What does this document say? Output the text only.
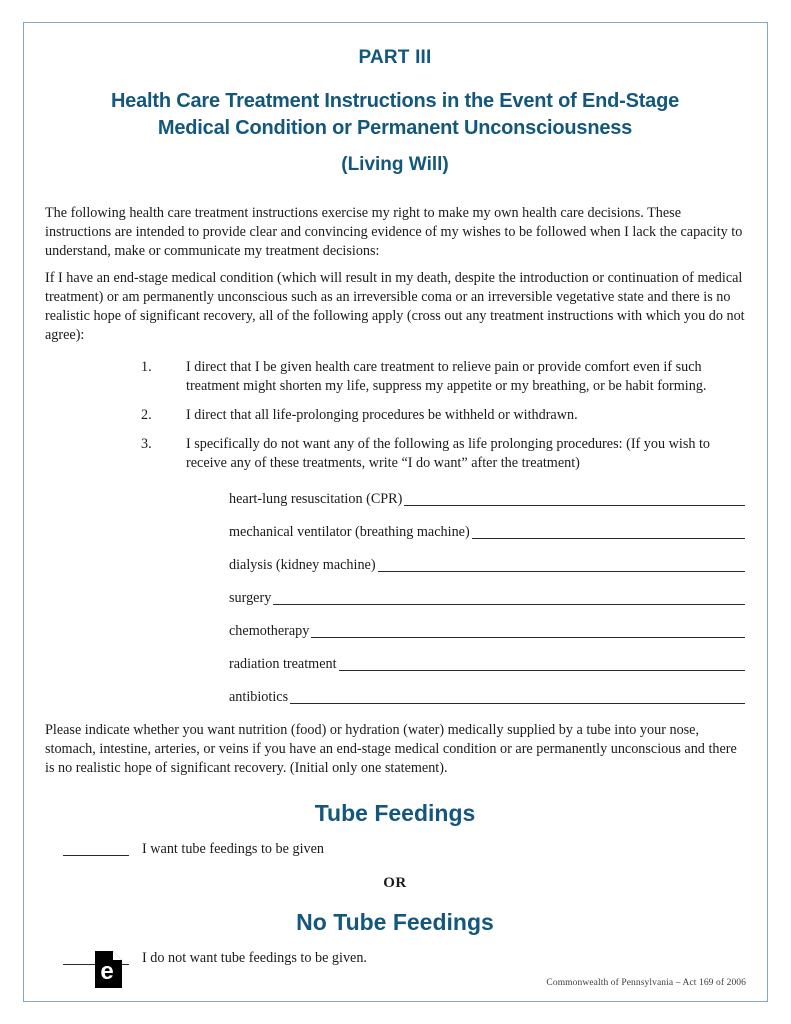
PART III
Health Care Treatment Instructions in the Event of End-Stage
Medical Condition or Permanent Unconsciousness
(Living Will)

The following health care treatment instructions exercise my right to make my own health care decisions. These instructions are intended to provide clear and convincing evidence of my wishes to be followed when I lack the capacity to understand, make or communicate my treatment decisions:

If I have an end-stage medical condition (which will result in my death, despite the introduction or continuation of medical treatment) or am permanently unconscious such as an irreversible coma or an irreversible vegetative state and there is no realistic hope of significant recovery, all of the following apply (cross out any treatment instructions with which you do not agree):

1.	I direct that I be given health care treatment to relieve pain or provide comfort even if such treatment might shorten my life, suppress my appetite or my breathing, or be habit forming.
2.	I direct that all life-prolonging procedures be withheld or withdrawn.
3.	I specifically do not want any of the following as life prolonging procedures: (If you wish to receive any of these treatments, write “I do want” after the treatment)
heart-lung resuscitation (CPR)
mechanical ventilator (breathing machine)
dialysis (kidney machine)
surgery
chemotherapy
radiation treatment
antibiotics

Please indicate whether you want nutrition (food) or hydration (water) medically supplied by a tube into your nose, stomach, intestine, arteries, or veins if you have an end-stage medical condition or are permanently unconscious and there is no realistic hope of significant recovery. (Initial only one statement).

Tube Feedings
I want tube feedings to be given
OR
No Tube Feedings
I do not want tube feedings to be given.
e	Commonwealth of Pennsylvania – Act 169 of 2006
